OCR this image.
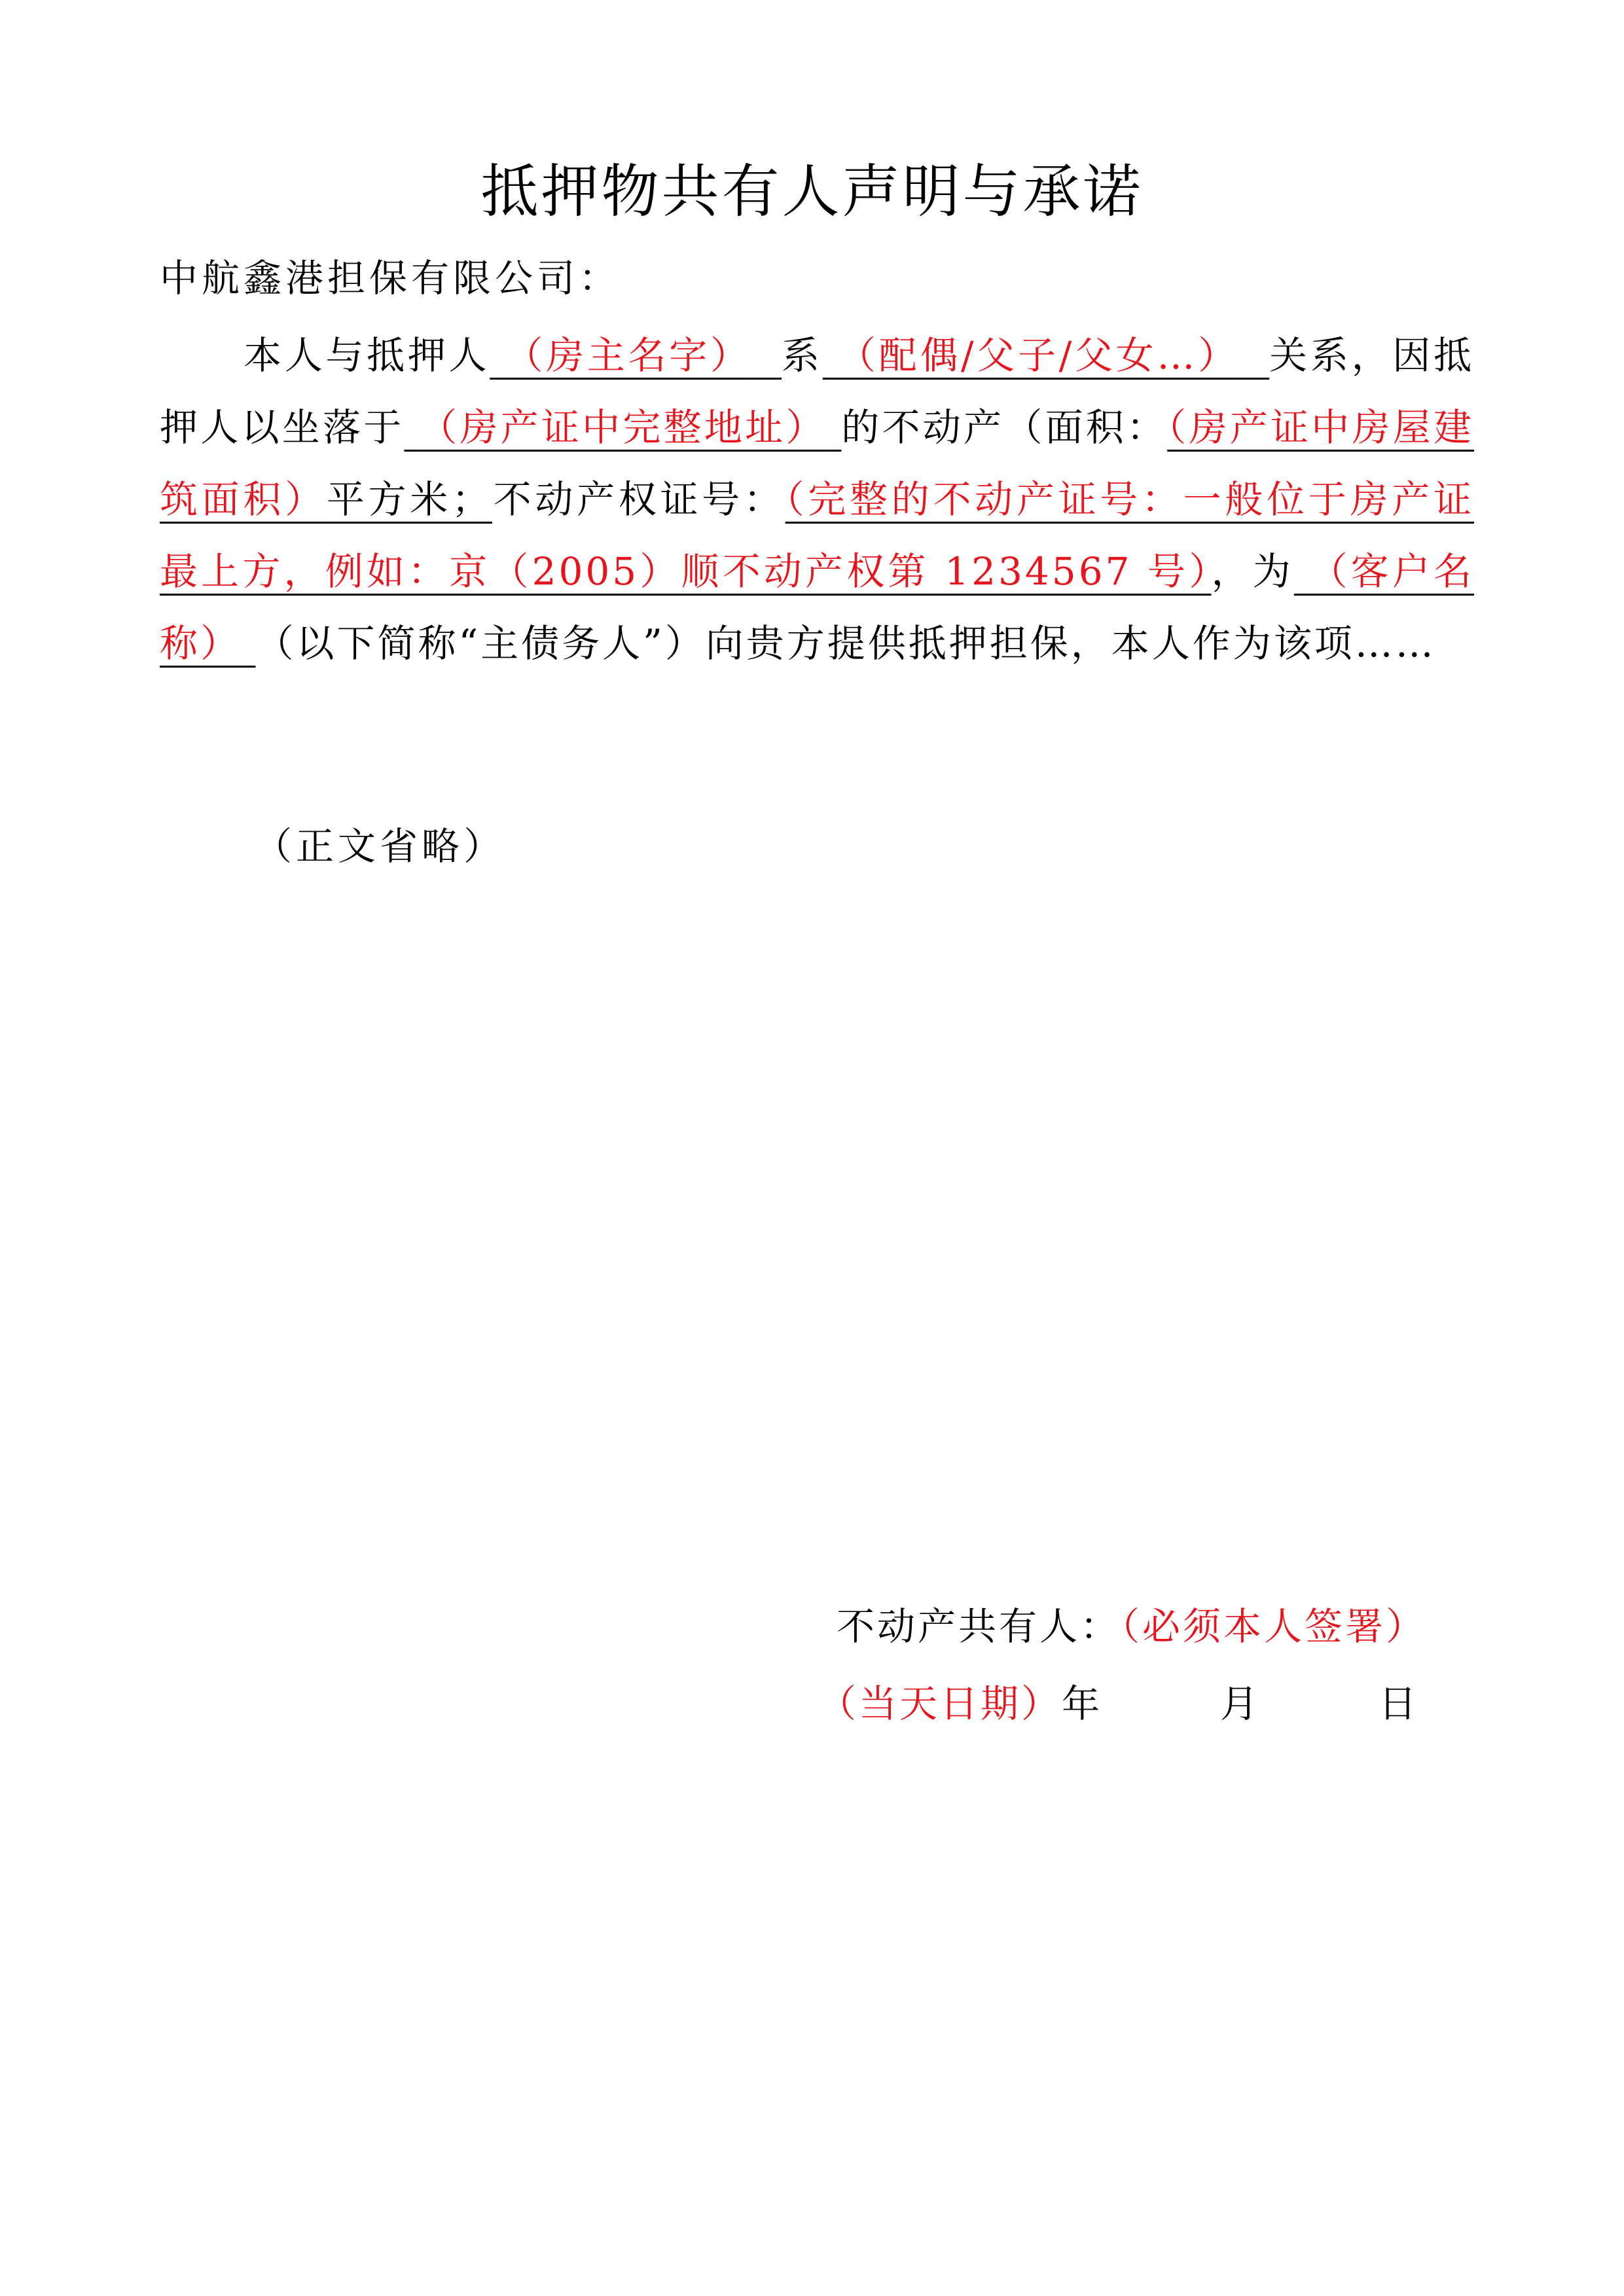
抵押物共有人声明与承诺
中航鑫港担保有限公司：
本人与抵押人 （房主名字） 系 （配偶/父子/父女…） 关系，因抵押人以坐落于 （房产证中完整地址） 的不动产（面积：（房产证中房屋建筑面积）平方米；不动产权证号：（完整的不动产证号：一般位于房产证最上方，例如：京（2005）顺不动产权第 1234567 号），为 （客户名称） （以下简称“主债务人”）向贵方提供抵押担保，本人作为该项……
（正文省略）
不动产共有人：（必须本人签署）
（当天日期）年	月	日
